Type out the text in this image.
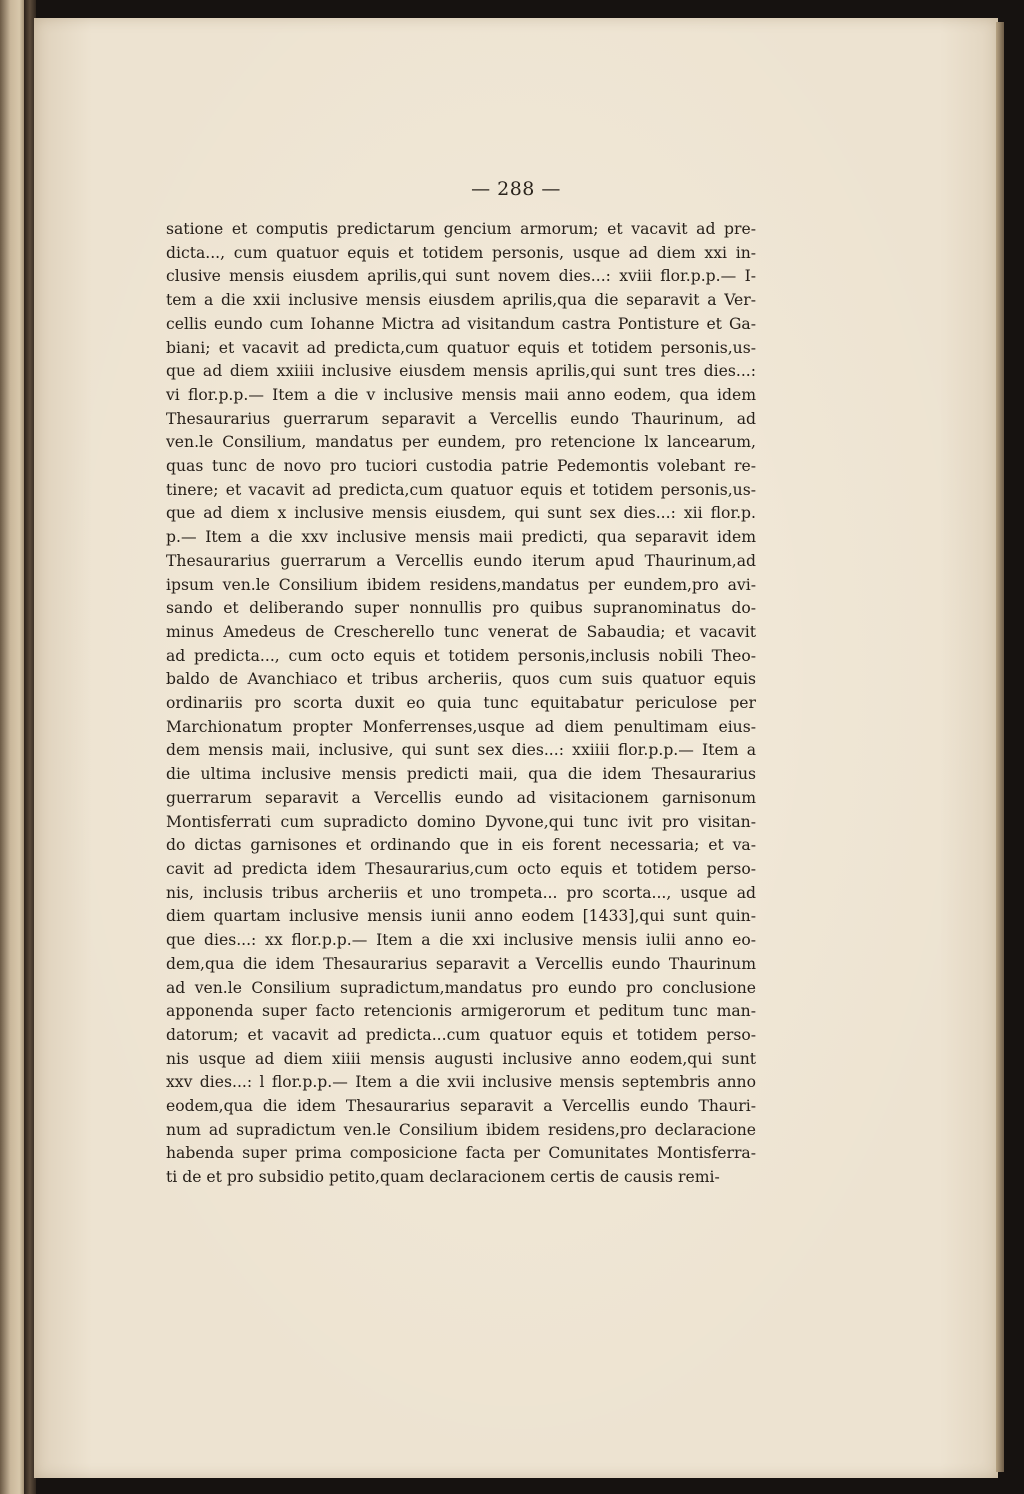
— 288 —

satione et computis predictarum gencium armorum; et vacavit ad pre-
dicta..., cum quatuor equis et totidem personis, usque ad diem xxi in-
clusive mensis eiusdem aprilis,qui sunt novem dies...: xviii flor.p.p.— I-
tem a die xxii inclusive mensis eiusdem aprilis,qua die separavit a Ver-
cellis eundo cum Iohanne Mictra ad visitandum castra Pontisture et Ga-
biani; et vacavit ad predicta,cum quatuor equis et totidem personis,us-
que ad diem xxiiii inclusive eiusdem mensis aprilis,qui sunt tres dies...:
vi flor.p.p.— Item a die v inclusive mensis maii anno eodem, qua idem
Thesaurarius guerrarum separavit a Vercellis eundo Thaurinum, ad
ven.le Consilium, mandatus per eundem, pro retencione lx lancearum,
quas tunc de novo pro tuciori custodia patrie Pedemontis volebant re-
tinere; et vacavit ad predicta,cum quatuor equis et totidem personis,us-
que ad diem x inclusive mensis eiusdem, qui sunt sex dies...: xii flor.p.
p.— Item a die xxv inclusive mensis maii predicti, qua separavit idem
Thesaurarius guerrarum a Vercellis eundo iterum apud Thaurinum,ad
ipsum ven.le Consilium ibidem residens,mandatus per eundem,pro avi-
sando et deliberando super nonnullis pro quibus supranominatus do-
minus Amedeus de Crescherello tunc venerat de Sabaudia; et vacavit
ad predicta..., cum octo equis et totidem personis,inclusis nobili Theo-
baldo de Avanchiaco et tribus archeriis, quos cum suis quatuor equis
ordinariis pro scorta duxit eo quia tunc equitabatur periculose per
Marchionatum propter Monferrenses,usque ad diem penultimam eius-
dem mensis maii, inclusive, qui sunt sex dies...: xxiiii flor.p.p.— Item a
die ultima inclusive mensis predicti maii, qua die idem Thesaurarius
guerrarum separavit a Vercellis eundo ad visitacionem garnisonum
Montisferrati cum supradicto domino Dyvone,qui tunc ivit pro visitan-
do dictas garnisones et ordinando que in eis forent necessaria; et va-
cavit ad predicta idem Thesaurarius,cum octo equis et totidem perso-
nis, inclusis tribus archeriis et uno trompeta... pro scorta..., usque ad
diem quartam inclusive mensis iunii anno eodem [1433],qui sunt quin-
que dies...: xx flor.p.p.— Item a die xxi inclusive mensis iulii anno eo-
dem,qua die idem Thesaurarius separavit a Vercellis eundo Thaurinum
ad ven.le Consilium supradictum,mandatus pro eundo pro conclusione
apponenda super facto retencionis armigerorum et peditum tunc man-
datorum; et vacavit ad predicta...cum quatuor equis et totidem perso-
nis usque ad diem xiiii mensis augusti inclusive anno eodem,qui sunt
xxv dies...: l flor.p.p.— Item a die xvii inclusive mensis septembris anno
eodem,qua die idem Thesaurarius separavit a Vercellis eundo Thauri-
num ad supradictum ven.le Consilium ibidem residens,pro declaracione
habenda super prima composicione facta per Comunitates Montisferra-
ti de et pro subsidio petito,quam declaracionem certis de causis remi-
